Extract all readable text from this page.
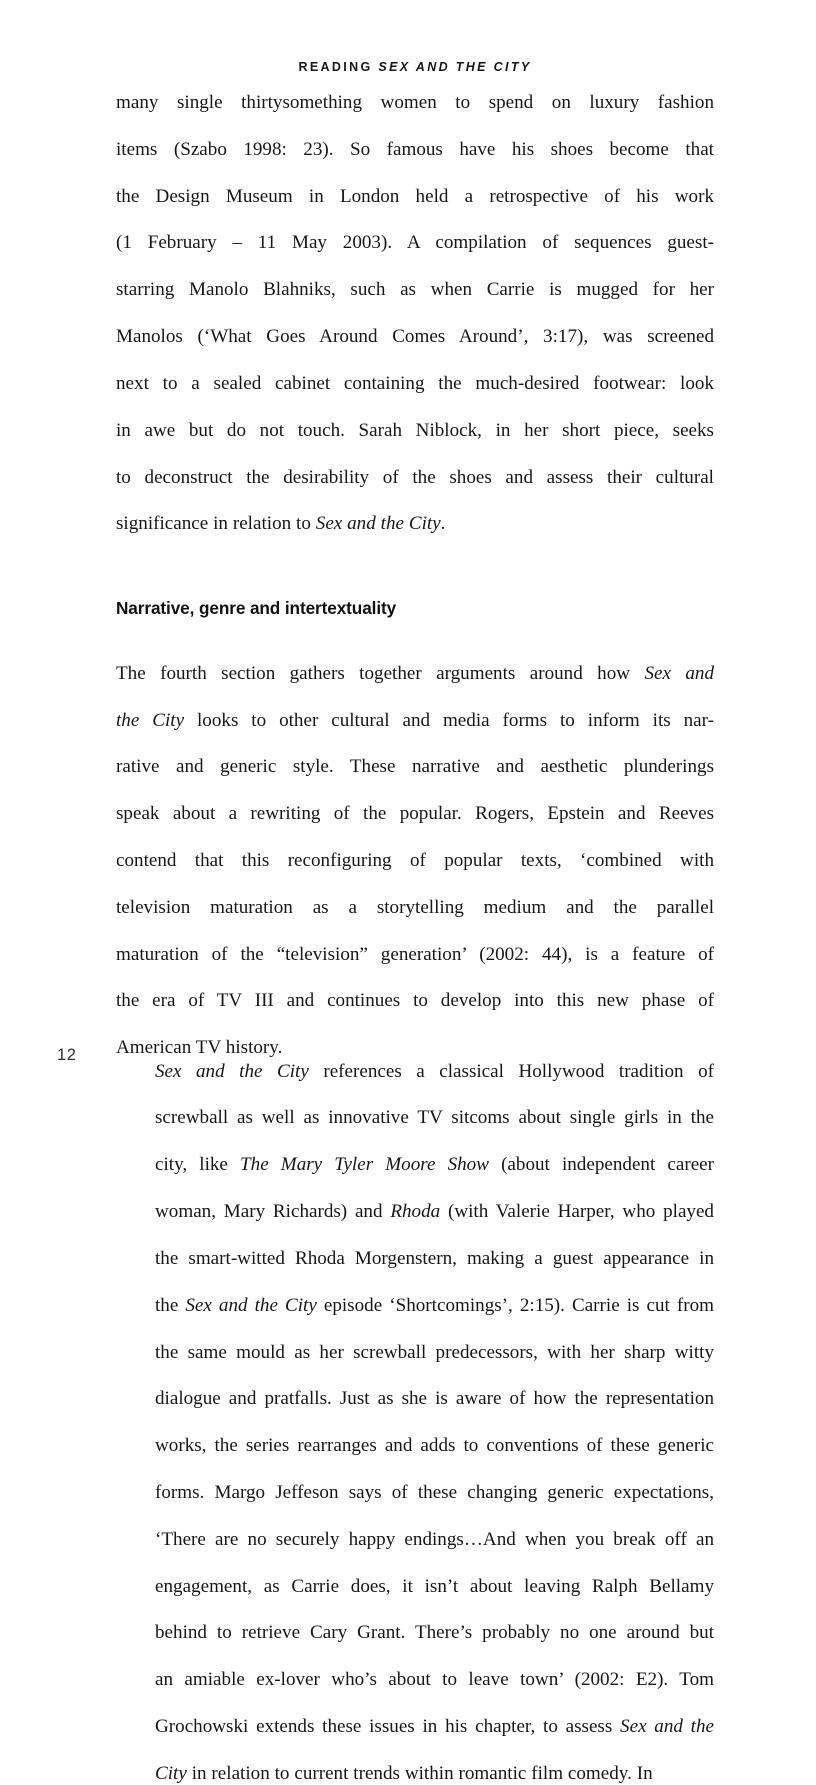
READING SEX AND THE CITY

many single thirtysomething women to spend on luxury fashion
items (Szabo 1998: 23). So famous have his shoes become that
the Design Museum in London held a retrospective of his work
(1 February – 11 May 2003). A compilation of sequences guest-
starring Manolo Blahniks, such as when Carrie is mugged for her
Manolos (‘What Goes Around Comes Around’, 3:17), was screened
next to a sealed cabinet containing the much-desired footwear: look
in awe but do not touch. Sarah Niblock, in her short piece, seeks
to deconstruct the desirability of the shoes and assess their cultural
significance in relation to Sex and the City.

Narrative, genre and intertextuality

The fourth section gathers together arguments around how Sex and
the City looks to other cultural and media forms to inform its nar-
rative and generic style. These narrative and aesthetic plunderings
speak about a rewriting of the popular. Rogers, Epstein and Reeves
contend that this reconfiguring of popular texts, ‘combined with
television maturation as a storytelling medium and the parallel
maturation of the “television” generation’ (2002: 44), is a feature of
the era of TV III and continues to develop into this new phase of
American TV history.

Sex and the City references a classical Hollywood tradition of
screwball as well as innovative TV sitcoms about single girls in the
city, like The Mary Tyler Moore Show (about independent career
woman, Mary Richards) and Rhoda (with Valerie Harper, who played
the smart-witted Rhoda Morgenstern, making a guest appearance in
the Sex and the City episode ‘Shortcomings’, 2:15). Carrie is cut from
the same mould as her screwball predecessors, with her sharp witty
dialogue and pratfalls. Just as she is aware of how the representation
works, the series rearranges and adds to conventions of these generic
forms. Margo Jeffeson says of these changing generic expectations,
‘There are no securely happy endings…And when you break off an
engagement, as Carrie does, it isn’t about leaving Ralph Bellamy
behind to retrieve Cary Grant. There’s probably no one around but
an amiable ex-lover who’s about to leave town’ (2002: E2). Tom
Grochowski extends these issues in his chapter, to assess Sex and the
City in relation to current trends within romantic film comedy. In

12
